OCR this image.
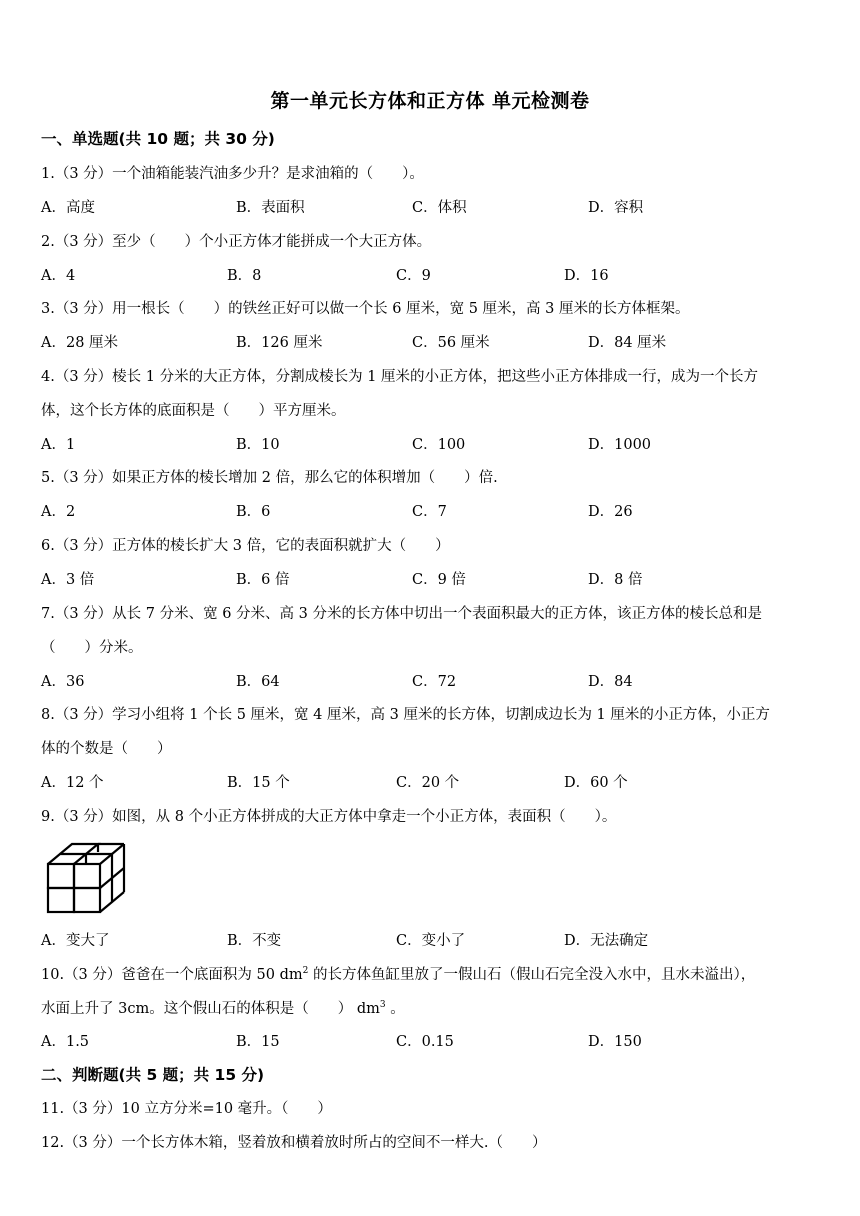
第一单元长方体和正方体 单元检测卷
一、单选题(共 10 题；共 30 分)
1.（3 分）一个油箱能装汽油多少升？是求油箱的（　　）。
A．高度	B．表面积	C．体积	D．容积
2.（3 分）至少（　　）个小正方体才能拼成一个大正方体。
A．4	B．8	C．9	D．16
3.（3 分）用一根长（　　）的铁丝正好可以做一个长 6 厘米，宽 5 厘米，高 3 厘米的长方体框架。
A．28 厘米	B．126 厘米	C．56 厘米	D．84 厘米
4.（3 分）棱长 1 分米的大正方体，分割成棱长为 1 厘米的小正方体，把这些小正方体排成一行，成为一个长方
体，这个长方体的底面积是（　　）平方厘米。
A．1	B．10	C．100	D．1000
5.（3 分）如果正方体的棱长增加 2 倍，那么它的体积增加（　　）倍.
A．2	B．6	C．7	D．26
6.（3 分）正方体的棱长扩大 3 倍，它的表面积就扩大（　　）
A．3 倍	B．6 倍	C．9 倍	D．8 倍
7.（3 分）从长 7 分米、宽 6 分米、高 3 分米的长方体中切出一个表面积最大的正方体，该正方体的棱长总和是
（　　）分米。
A．36	B．64	C．72	D．84
8.（3 分）学习小组将 1 个长 5 厘米，宽 4 厘米，高 3 厘米的长方体，切割成边长为 1 厘米的小正方体，小正方
体的个数是（　　）
A．12 个	B．15 个	C．20 个	D．60 个
9.（3 分）如图，从 8 个小正方体拼成的大正方体中拿走一个小正方体，表面积（　　）。
A．变大了	B．不变	C．变小了	D．无法确定
10.（3 分）爸爸在一个底面积为 50 $dm^2$ 的长方体鱼缸里放了一假山石（假山石完全没入水中，且水未溢出），
水面上升了 3cm。这个假山石的体积是（　　） $dm^3$ 。
A．1.5	B．15	C．0.15	D．150
二、判断题(共 5 题；共 15 分)
11.（3 分）10 立方分米=10 毫升。（　　）
12.（3 分）一个长方体木箱，竖着放和横着放时所占的空间不一样大.（　　）
